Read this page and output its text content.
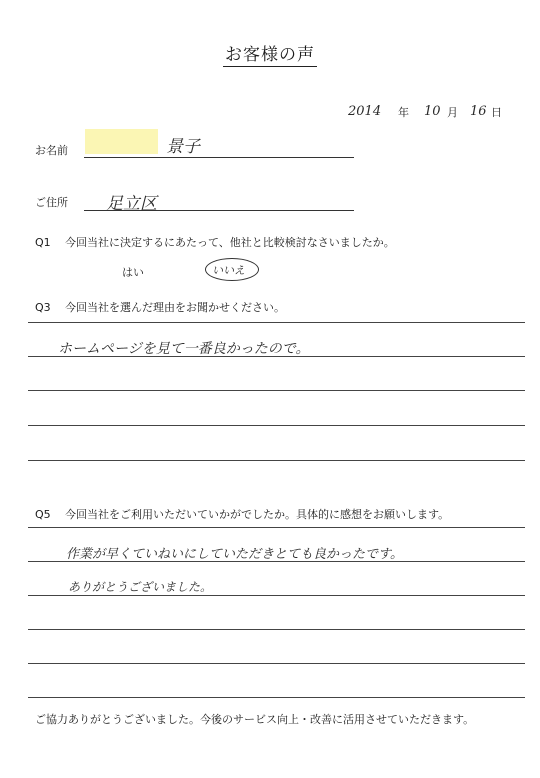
お客様の声
2014 年 10 月 16 日
お名前	景子
ご住所 足立区
Q1 今回当社に決定するにあたって、他社と比較検討なさいましたか。
はい	いいえ
Q3 今回当社を選んだ理由をお聞かせください。
ホームページを見て一番良かったので。
Q5 今回当社をご利用いただいていかがでしたか。具体的に感想をお願いします。
作業が早くていねいにしていただきとても良かったです。
ありがとうございました。
ご協力ありがとうございました。今後のサービス向上・改善に活用させていただきます。
